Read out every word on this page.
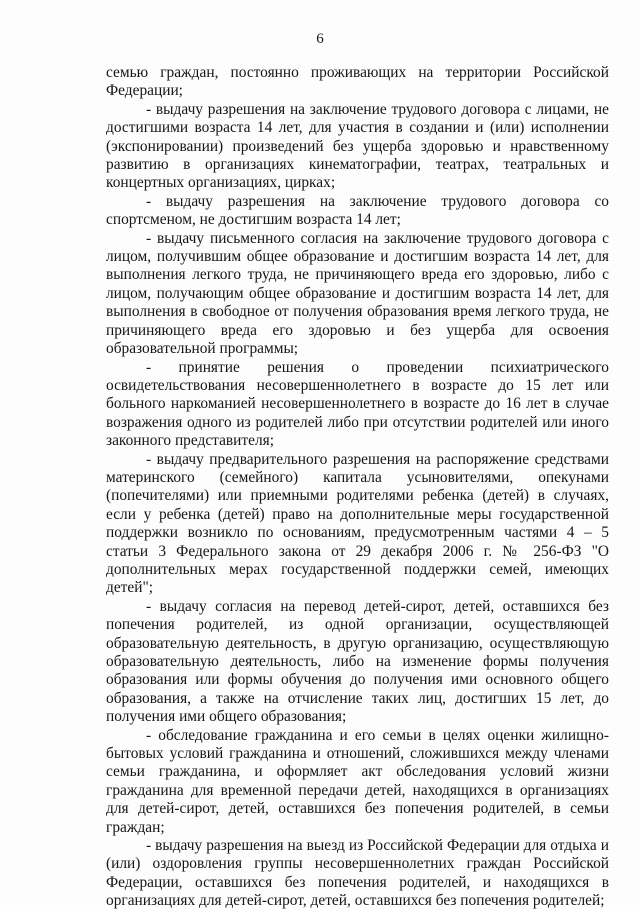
6

семью граждан, постоянно проживающих на территории Российской Федерации;

- выдачу разрешения на заключение трудового договора с лицами, не достигшими возраста 14 лет, для участия в создании и (или) исполнении (экспонировании) произведений без ущерба здоровью и нравственному развитию в организациях кинематографии, театрах, театральных и концертных организациях, цирках;

- выдачу разрешения на заключение трудового договора со спортсменом, не достигшим возраста 14 лет;

- выдачу письменного согласия на заключение трудового договора с лицом, получившим общее образование и достигшим возраста 14 лет, для выполнения легкого труда, не причиняющего вреда его здоровью, либо с лицом, получающим общее образование и достигшим возраста 14 лет, для выполнения в свободное от получения образования время легкого труда, не причиняющего вреда его здоровью и без ущерба для освоения образовательной программы;

- принятие решения о проведении психиатрического освидетельствования несовершеннолетнего в возрасте до 15 лет или больного наркоманией несовершеннолетнего в возрасте до 16 лет в случае возражения одного из родителей либо при отсутствии родителей или иного законного представителя;

- выдачу предварительного разрешения на распоряжение средствами материнского (семейного) капитала усыновителями, опекунами (попечителями) или приемными родителями ребенка (детей) в случаях, если у ребенка (детей) право на дополнительные меры государственной поддержки возникло по основаниям, предусмотренным частями 4 – 5 статьи 3 Федерального закона от 29 декабря 2006 г. № 256-ФЗ "О дополнительных мерах государственной поддержки семей, имеющих детей";

- выдачу согласия на перевод детей-сирот, детей, оставшихся без попечения родителей, из одной организации, осуществляющей образовательную деятельность, в другую организацию, осуществляющую образовательную деятельность, либо на изменение формы получения образования или формы обучения до получения ими основного общего образования, а также на отчисление таких лиц, достигших 15 лет, до получения ими общего образования;

- обследование гражданина и его семьи в целях оценки жилищно-бытовых условий гражданина и отношений, сложившихся между членами семьи гражданина, и оформляет акт обследования условий жизни гражданина для временной передачи детей, находящихся в организациях для детей-сирот, детей, оставшихся без попечения родителей, в семьи граждан;

- выдачу разрешения на выезд из Российской Федерации для отдыха и (или) оздоровления группы несовершеннолетних граждан Российской Федерации, оставшихся без попечения родителей, и находящихся в организациях для детей-сирот, детей, оставшихся без попечения родителей;
